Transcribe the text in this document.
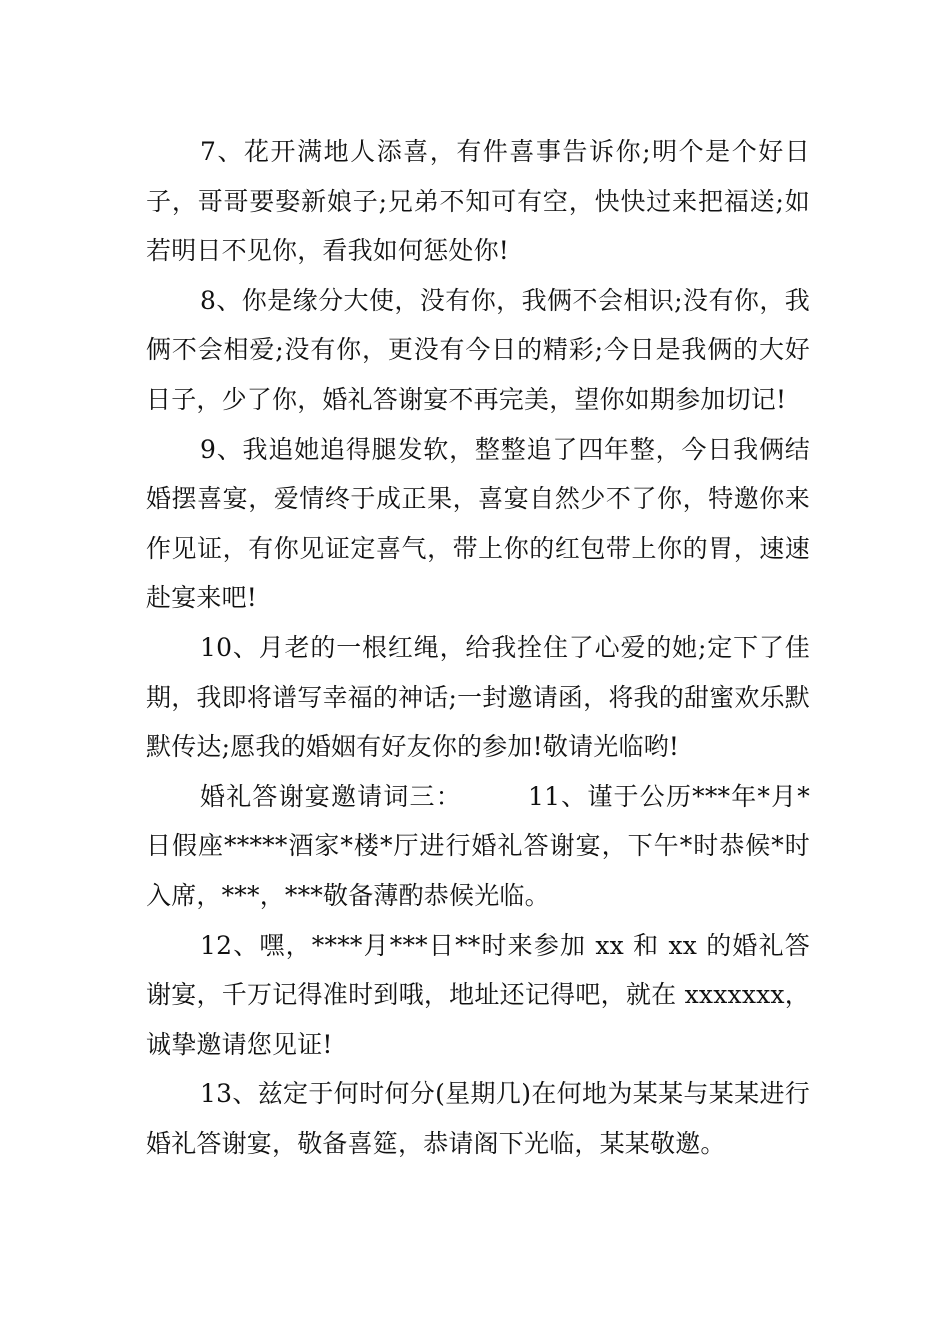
7、花开满地人添喜，有件喜事告诉你;明个是个好日子，哥哥要娶新娘子;兄弟不知可有空，快快过来把福送;如若明日不见你，看我如何惩处你!

8、你是缘分大使，没有你，我俩不会相识;没有你，我俩不会相爱;没有你，更没有今日的精彩;今日是我俩的大好日子，少了你，婚礼答谢宴不再完美，望你如期参加切记!

9、我追她追得腿发软，整整追了四年整，今日我俩结婚摆喜宴，爱情终于成正果，喜宴自然少不了你，特邀你来作见证，有你见证定喜气，带上你的红包带上你的胃，速速赴宴来吧!

10、月老的一根红绳，给我拴住了心爱的她;定下了佳期，我即将谱写幸福的神话;一封邀请函，将我的甜蜜欢乐默默传达;愿我的婚姻有好友你的参加!敬请光临哟!

婚礼答谢宴邀请词三：　　　11、谨于公历***年*月*日假座*****酒家*楼*厅进行婚礼答谢宴，下午*时恭候*时入席，***，***敬备薄酌恭候光临。

12、嘿，****月***日**时来参加 xx 和 xx 的婚礼答谢宴，千万记得准时到哦，地址还记得吧，就在 xxxxxxx，诚挚邀请您见证!

13、兹定于何时何分(星期几)在何地为某某与某某进行婚礼答谢宴，敬备喜筵，恭请阁下光临，某某敬邀。
